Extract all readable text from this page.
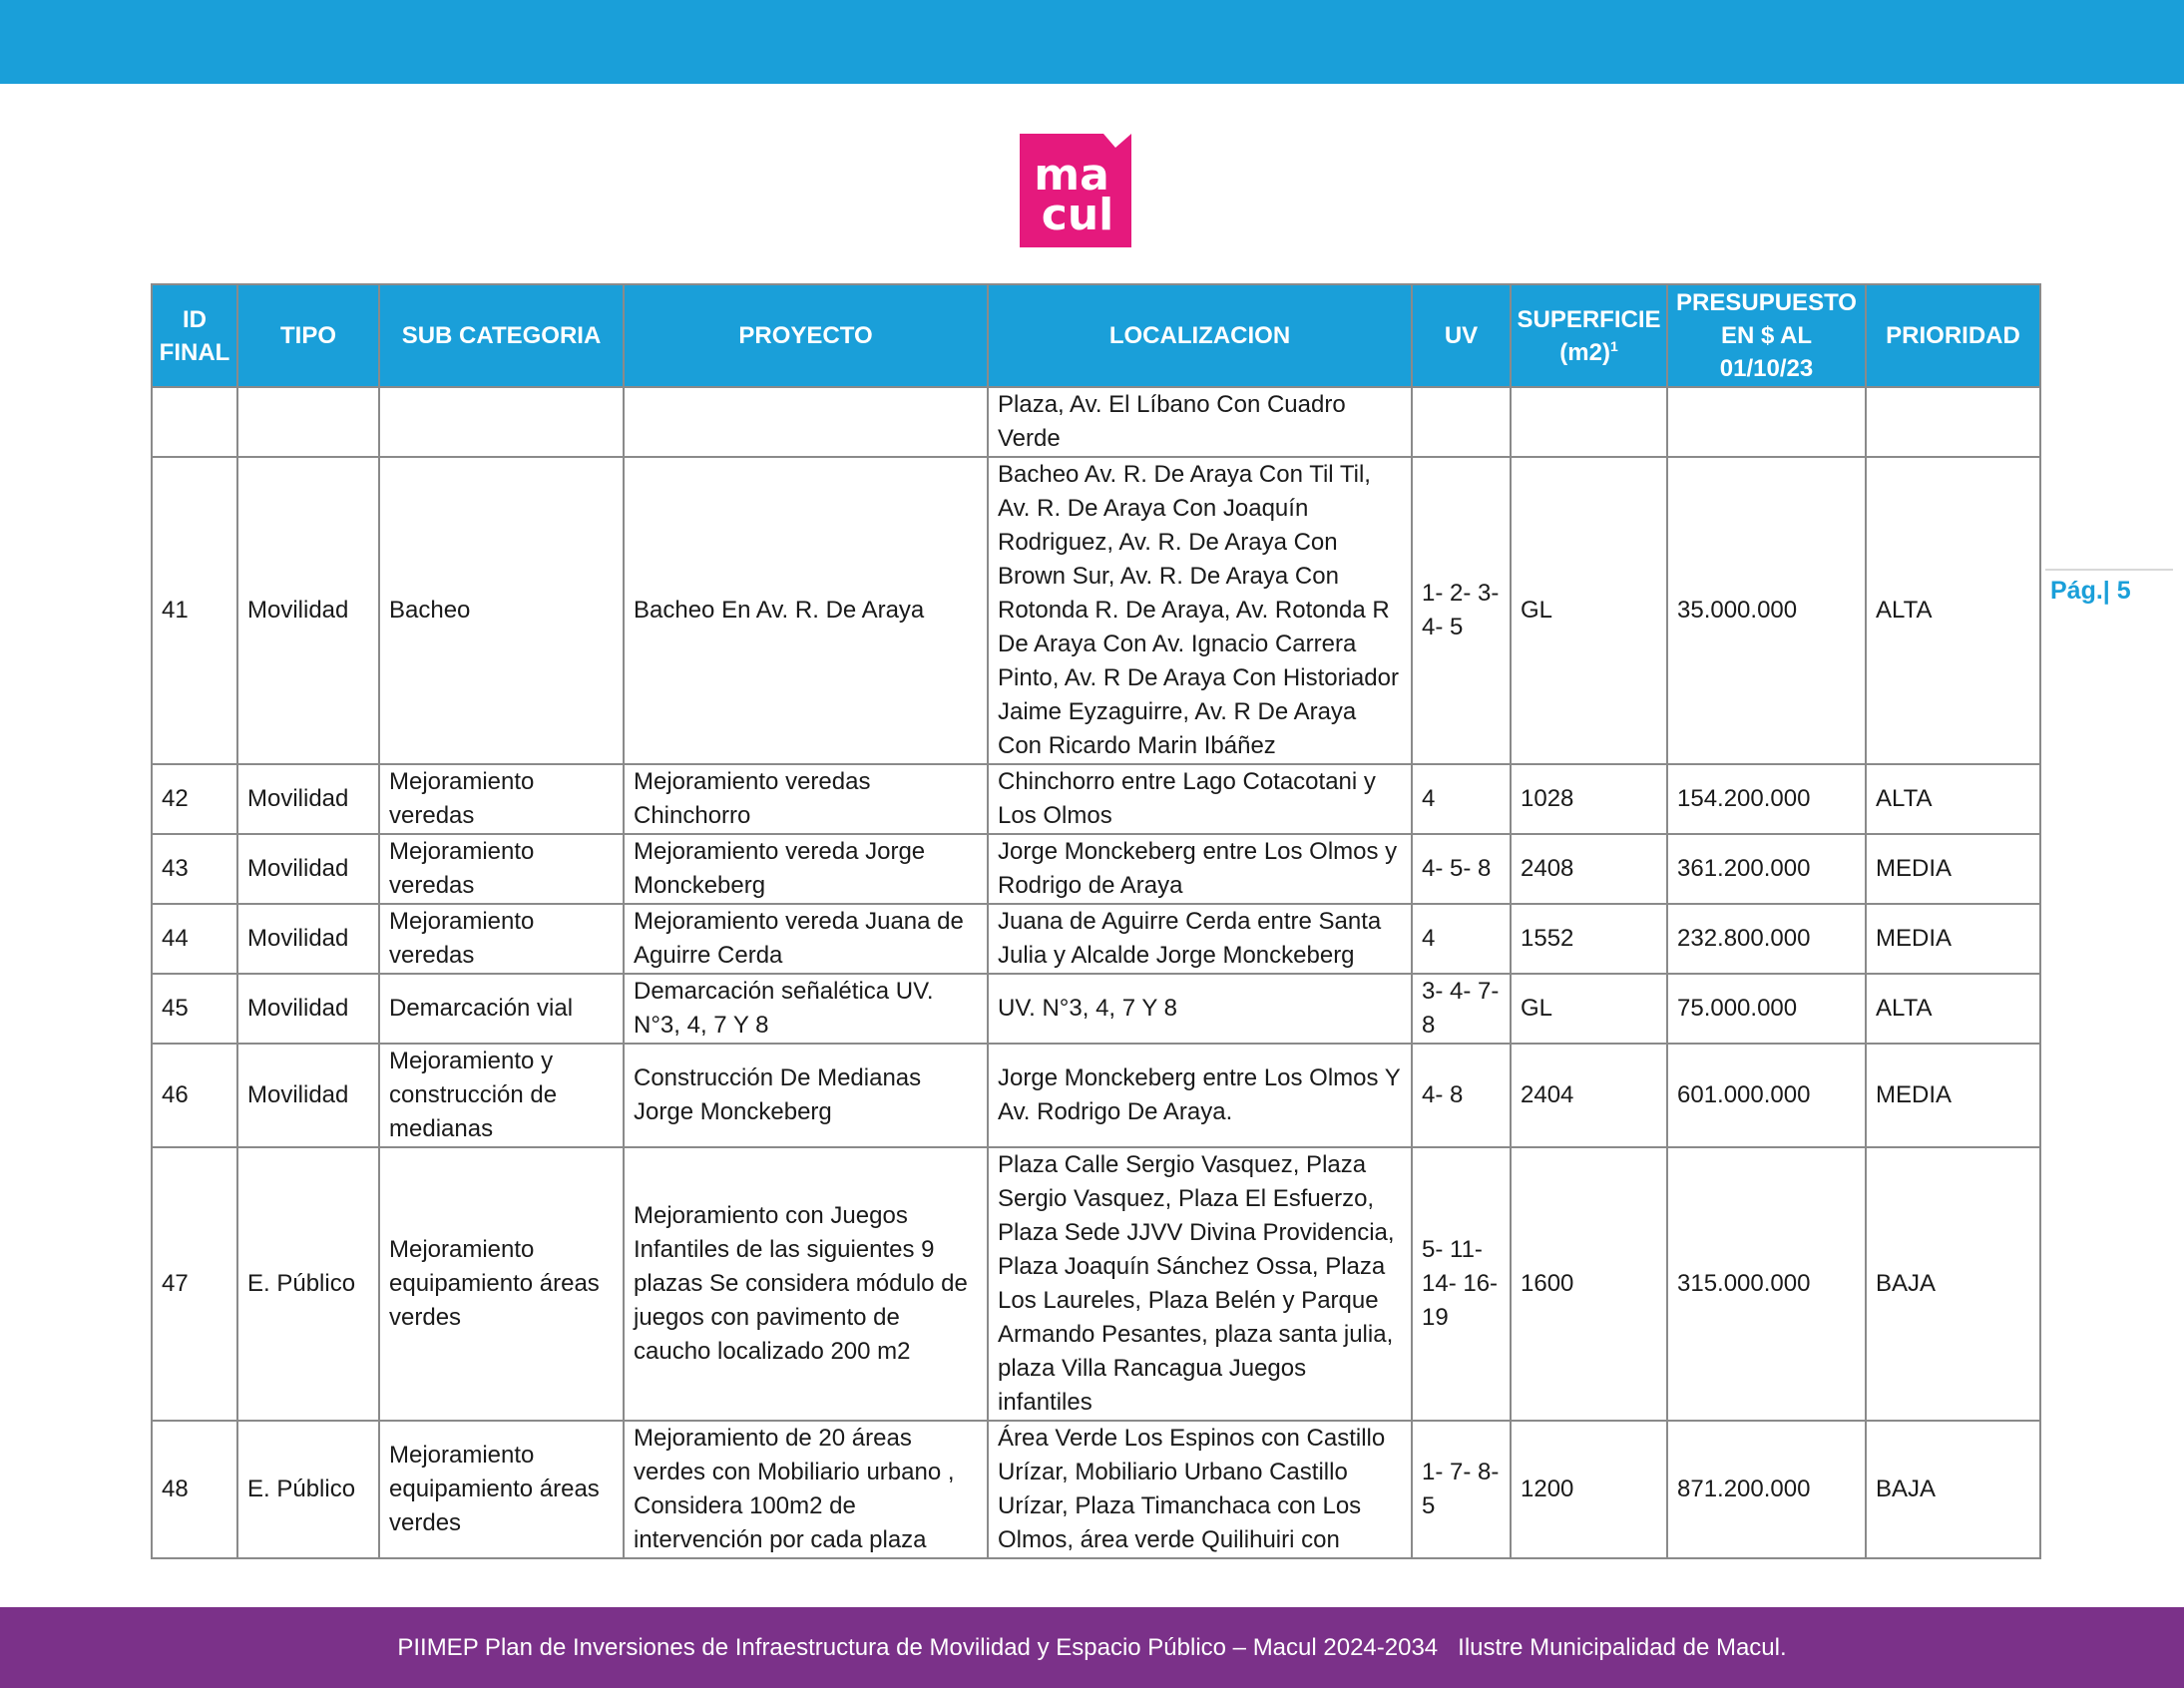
ma
cul
Pág.| 5
ID FINAL	TIPO	SUB CATEGORIA	PROYECTO	LOCALIZACION	UV	SUPERFICIE $(m2)^1$	PRESUPUESTO EN $ AL 01/10/23	PRIORIDAD
				Plaza, Av. El Líbano Con Cuadro Verde				
41	Movilidad	Bacheo	Bacheo En Av. R. De Araya	Bacheo Av. R. De Araya Con Til Til, Av. R. De Araya Con Joaquín Rodriguez, Av. R. De Araya Con Brown Sur, Av. R. De Araya Con Rotonda R. De Araya, Av. Rotonda R De Araya Con Av. Ignacio Carrera Pinto, Av. R De Araya Con Historiador Jaime Eyzaguirre, Av. R De Araya Con Ricardo Marin Ibáñez	1- 2- 3- 4- 5	GL	35.000.000	ALTA
42	Movilidad	Mejoramiento veredas	Mejoramiento veredas Chinchorro	Chinchorro entre Lago Cotacotani y Los Olmos	4	1028	154.200.000	ALTA
43	Movilidad	Mejoramiento veredas	Mejoramiento vereda Jorge Monckeberg	Jorge Monckeberg entre Los Olmos y Rodrigo de Araya	4- 5- 8	2408	361.200.000	MEDIA
44	Movilidad	Mejoramiento veredas	Mejoramiento vereda Juana de Aguirre Cerda	Juana de Aguirre Cerda entre Santa Julia y Alcalde Jorge Monckeberg	4	1552	232.800.000	MEDIA
45	Movilidad	Demarcación vial	Demarcación señalética UV. N°3, 4, 7 Y 8	UV. N°3, 4, 7 Y 8	3- 4- 7- 8	GL	75.000.000	ALTA
46	Movilidad	Mejoramiento y construcción de medianas	Construcción De Medianas Jorge Monckeberg	Jorge Monckeberg entre Los Olmos Y Av. Rodrigo De Araya.	4- 8	2404	601.000.000	MEDIA
47	E. Público	Mejoramiento equipamiento áreas verdes	Mejoramiento con Juegos Infantiles de las siguientes 9 plazas Se considera módulo de juegos con pavimento de caucho localizado 200 m2	Plaza Calle Sergio Vasquez, Plaza Sergio Vasquez, Plaza El Esfuerzo, Plaza Sede JJVV Divina Providencia, Plaza Joaquín Sánchez Ossa, Plaza Los Laureles, Plaza Belén y Parque Armando Pesantes, plaza santa julia, plaza Villa Rancagua Juegos infantiles	5- 11- 14- 16- 19	1600	315.000.000	BAJA
48	E. Público	Mejoramiento equipamiento áreas verdes	Mejoramiento de 20 áreas verdes con Mobiliario urbano , Considera 100m2 de intervención por cada plaza	Área Verde Los Espinos con Castillo Urízar, Mobiliario Urbano Castillo Urízar, Plaza Timanchaca con Los Olmos, área verde Quilihuiri con	1- 7- 8- 5	1200	871.200.000	BAJA
PIIMEP Plan de Inversiones de Infraestructura de Movilidad y Espacio Público – Macul 2024-2034   Ilustre Municipalidad de Macul.
